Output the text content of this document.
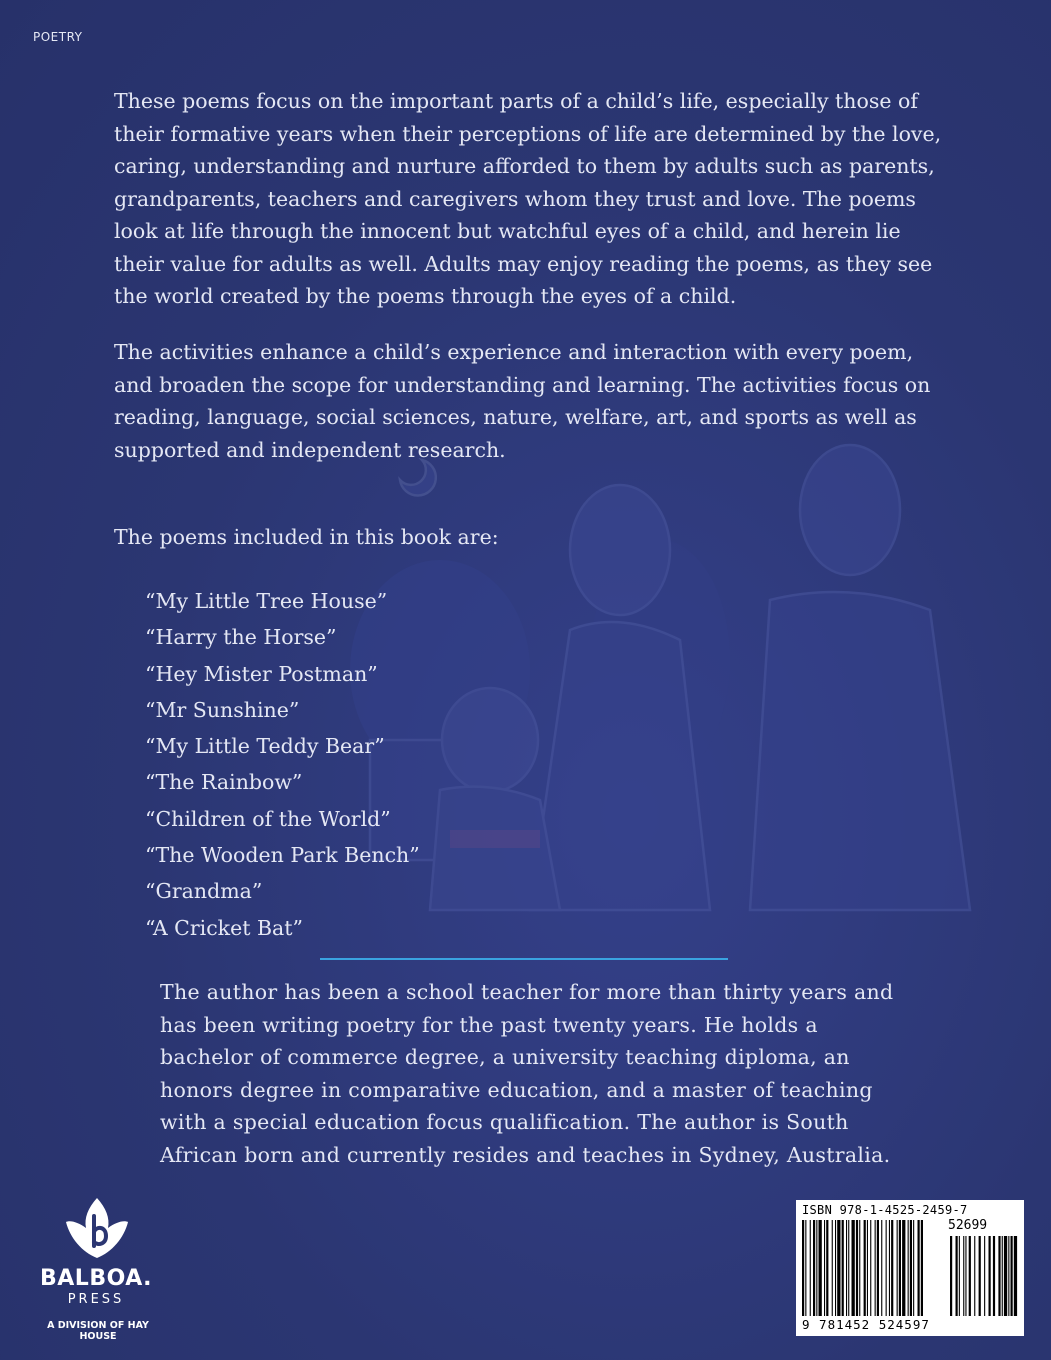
POETRY

These poems focus on the important parts of a child’s life, especially those of their formative years when their perceptions of life are determined by the love, caring, understanding and nurture afforded to them by adults such as parents, grandparents, teachers and caregivers whom they trust and love. The poems look at life through the innocent but watchful eyes of a child, and herein lie their value for adults as well. Adults may enjoy reading the poems, as they see the world created by the poems through the eyes of a child.

The activities enhance a child’s experience and interaction with every poem, and broaden the scope for understanding and learning. The activities focus on reading, language, social sciences, nature, welfare, art, and sports as well as supported and independent research.

The poems included in this book are:

“My Little Tree House”
“Harry the Horse”
“Hey Mister Postman”
“Mr Sunshine”
“My Little Teddy Bear”
“The Rainbow”
“Children of the World”
“The Wooden Park Bench”
“Grandma”
“A Cricket Bat”

The author has been a school teacher for more than thirty years and has been writing poetry for the past twenty years. He holds a bachelor of commerce degree, a university teaching diploma, an honors degree in comparative education, and a master of teaching with a special education focus qualification. The author is South African born and currently resides and teaches in Sydney, Australia.

BALBOA.
PRESS
A DIVISION OF HAY HOUSE
ISBN 978-1-4525-2459-7
52699
9 781452 524597
